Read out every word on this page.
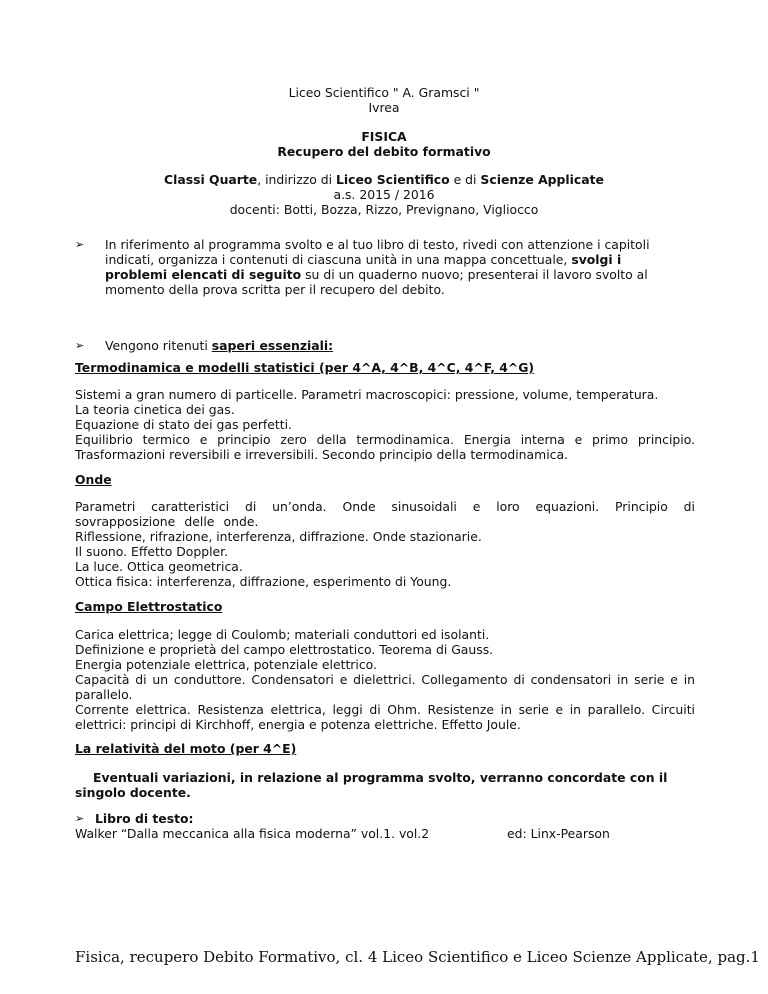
Liceo Scientifico " A. Gramsci "
Ivrea
FISICA
Recupero del debito formativo
Classi Quarte, indirizzo di Liceo Scientifico e di Scienze Applicate
a.s. 2015 / 2016
docenti: Botti, Bozza, Rizzo, Prevignano, Vigliocco
➢ In riferimento al programma svolto e al tuo libro di testo, rivedi con attenzione i capitoli indicati, organizza i contenuti di ciascuna unità in una mappa concettuale, svolgi i problemi elencati di seguito su di un quaderno nuovo; presenterai il lavoro svolto al momento della prova scritta per il recupero del debito.
➢ Vengono ritenuti saperi essenziali:
Termodinamica e modelli statistici (per 4^A, 4^B, 4^C, 4^F, 4^G)
Sistemi a gran numero di particelle. Parametri macroscopici: pressione, volume, temperatura.
La teoria cinetica dei gas.
Equazione di stato dei gas perfetti.
Equilibrio termico e principio zero della termodinamica. Energia interna e primo principio. Trasformazioni reversibili e irreversibili. Secondo principio della termodinamica.
Onde
Parametri caratteristici di un’onda. Onde sinusoidali e loro equazioni. Principio di sovrapposizione delle onde.
Riflessione, rifrazione, interferenza, diffrazione. Onde stazionarie.
Il suono. Effetto Doppler.
La luce. Ottica geometrica.
Ottica fisica: interferenza, diffrazione, esperimento di Young.
Campo Elettrostatico
Carica elettrica; legge di Coulomb; materiali conduttori ed isolanti.
Definizione e proprietà del campo elettrostatico. Teorema di Gauss.
Energia potenziale elettrica, potenziale elettrico.
Capacità di un conduttore. Condensatori e dielettrici. Collegamento di condensatori in serie e in parallelo.
Corrente elettrica. Resistenza elettrica, leggi di Ohm. Resistenze in serie e in parallelo. Circuiti elettrici: principi di Kirchhoff, energia e potenza elettriche. Effetto Joule.
La relatività del moto (per 4^E)
Eventuali variazioni, in relazione al programma svolto, verranno concordate con il singolo docente.
➢ Libro di testo:
Walker “Dalla meccanica alla fisica moderna” vol.1. vol.2	ed: Linx-Pearson
Fisica, recupero Debito Formativo, cl. 4 Liceo Scientifico e Liceo Scienze Applicate, pag.1
